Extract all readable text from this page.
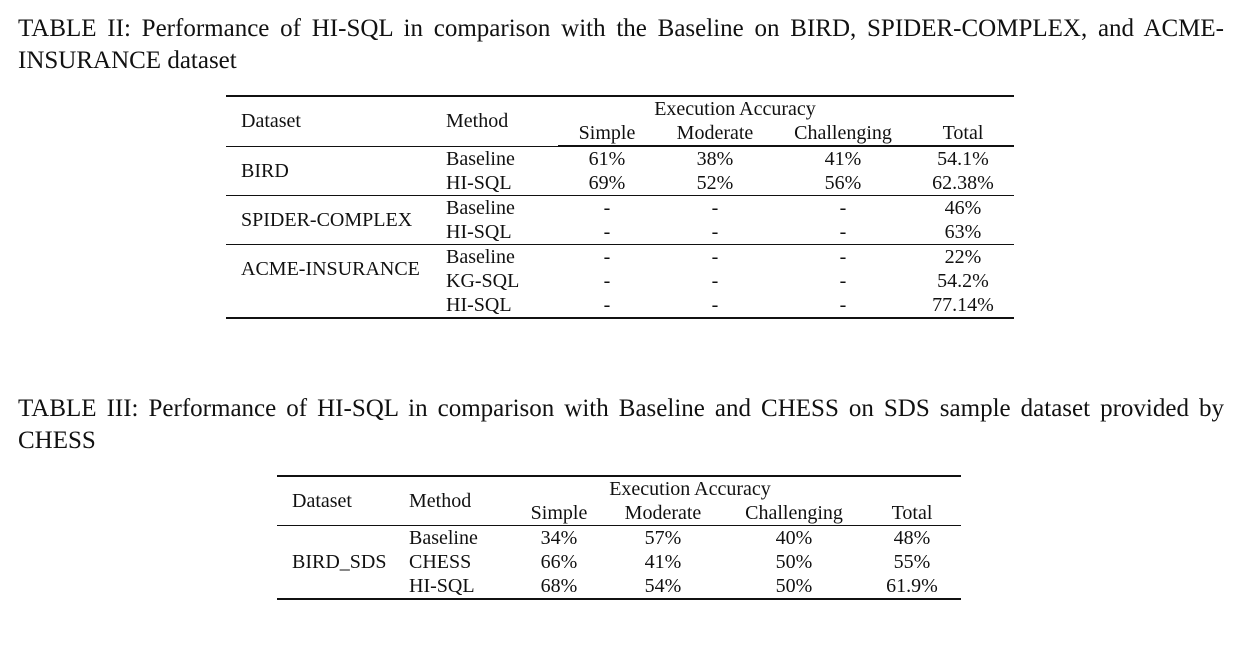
TABLE II: Performance of HI-SQL in comparison with the Baseline on BIRD, SPIDER-COMPLEX, and ACME-INSURANCE dataset

Dataset	Method	Execution Accuracy			
		Simple	Moderate	Challenging	Total

BIRD	Baseline	61%	38%	41%	54.1%
	HI-SQL	69%	52%	56%	62.38%
SPIDER-COMPLEX	Baseline	-	-	-	46%
	HI-SQL	-	-	-	63%
ACME-INSURANCE	Baseline	-	-	-	22%
	KG-SQL	-	-	-	54.2%
	HI-SQL	-	-	-	77.14%

TABLE III: Performance of HI-SQL in comparison with Baseline and CHESS on SDS sample dataset provided by CHESS

Dataset	Method	Execution Accuracy			
		Simple	Moderate	Challenging	Total

BIRD_SDS	Baseline	34%	57%	40%	48%
	CHESS	66%	41%	50%	55%
	HI-SQL	68%	54%	50%	61.9%
